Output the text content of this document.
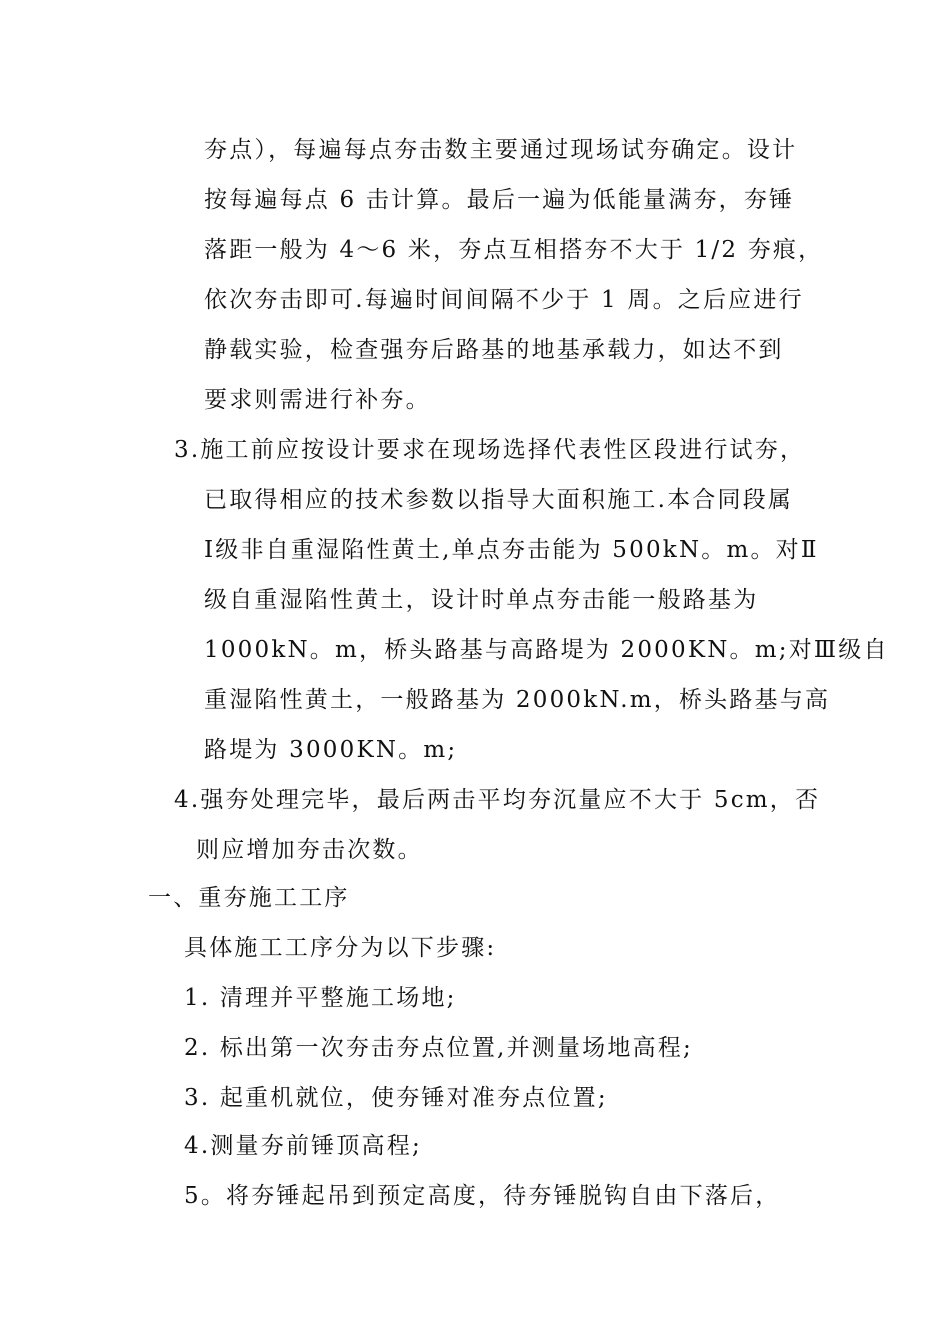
夯点），每遍每点夯击数主要通过现场试夯确定。设计

按每遍每点 6 击计算。最后一遍为低能量满夯，夯锤

落距一般为 4～6 米，夯点互相搭夯不大于 1/2 夯痕，

依次夯击即可.每遍时间间隔不少于 1 周。之后应进行

静载实验，检查强夯后路基的地基承载力，如达不到

要求则需进行补夯。

3.施工前应按设计要求在现场选择代表性区段进行试夯，

已取得相应的技术参数以指导大面积施工.本合同段属

Ⅰ级非自重湿陷性黄土,单点夯击能为 500kN。m。对Ⅱ

级自重湿陷性黄土，设计时单点夯击能一般路基为

1000kN。m，桥头路基与高路堤为 2000KN。m;对Ⅲ级自

重湿陷性黄土，一般路基为 2000kN.m，桥头路基与高

路堤为 3000KN。m;

4.强夯处理完毕，最后两击平均夯沉量应不大于 5cm，否

则应增加夯击次数。

一、重夯施工工序

具体施工工序分为以下步骤:

1. 清理并平整施工场地;

2. 标出第一次夯击夯点位置,并测量场地高程;

3. 起重机就位，使夯锤对准夯点位置;

4.测量夯前锤顶高程;

5。将夯锤起吊到预定高度，待夯锤脱钩自由下落后，
